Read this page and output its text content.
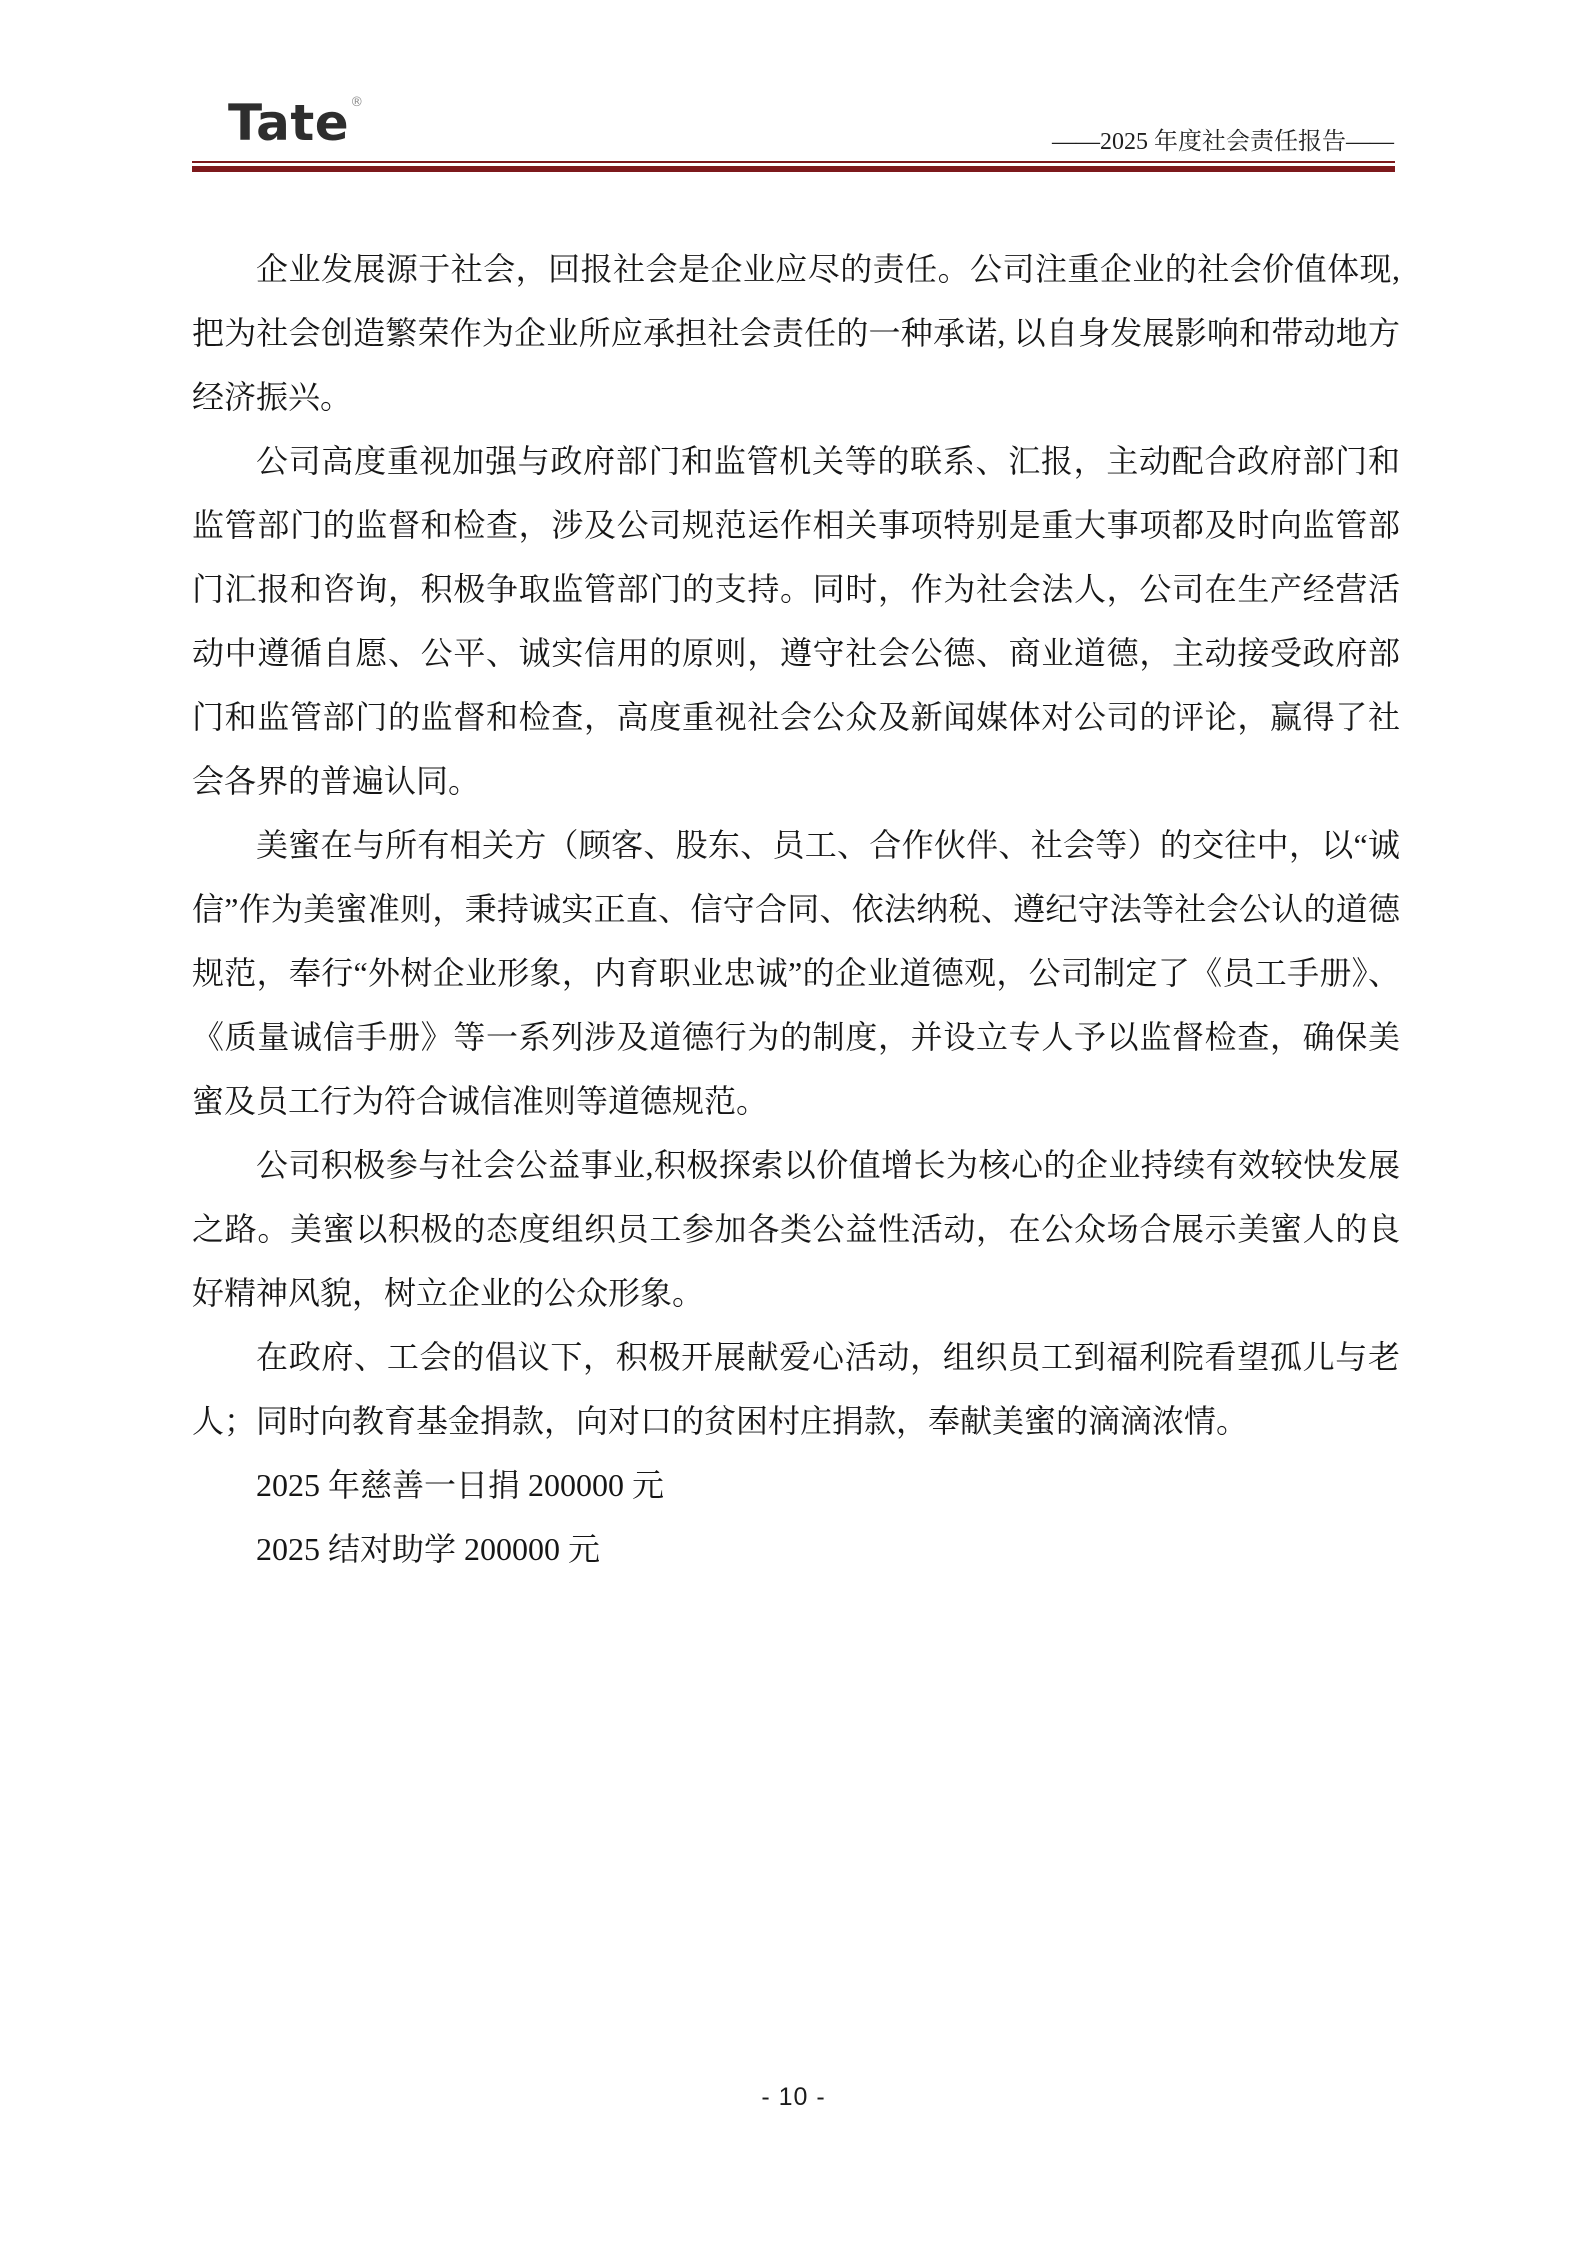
Tate®
——2025 年度社会责任报告——

企业发展源于社会，回报社会是企业应尽的责任。公司注重企业的社会价值体现,把为社会创造繁荣作为企业所应承担社会责任的一种承诺, 以自身发展影响和带动地方经济振兴。

公司高度重视加强与政府部门和监管机关等的联系、汇报，主动配合政府部门和监管部门的监督和检查，涉及公司规范运作相关事项特别是重大事项都及时向监管部门汇报和咨询，积极争取监管部门的支持。同时，作为社会法人，公司在生产经营活动中遵循自愿、公平、诚实信用的原则，遵守社会公德、商业道德，主动接受政府部门和监管部门的监督和检查，高度重视社会公众及新闻媒体对公司的评论，赢得了社会各界的普遍认同。

美蜜在与所有相关方（顾客、股东、员工、合作伙伴、社会等）的交往中，以“诚信”作为美蜜准则，秉持诚实正直、信守合同、依法纳税、遵纪守法等社会公认的道德规范，奉行“外树企业形象，内育职业忠诚”的企业道德观，公司制定了《员工手册》、《质量诚信手册》等一系列涉及道德行为的制度，并设立专人予以监督检查，确保美蜜及员工行为符合诚信准则等道德规范。

公司积极参与社会公益事业,积极探索以价值增长为核心的企业持续有效较快发展之路。美蜜以积极的态度组织员工参加各类公益性活动，在公众场合展示美蜜人的良好精神风貌，树立企业的公众形象。

在政府、工会的倡议下，积极开展献爱心活动，组织员工到福利院看望孤儿与老人；同时向教育基金捐款，向对口的贫困村庄捐款，奉献美蜜的滴滴浓情。

2025 年慈善一日捐 200000 元

2025 结对助学 200000 元

- 10 -
